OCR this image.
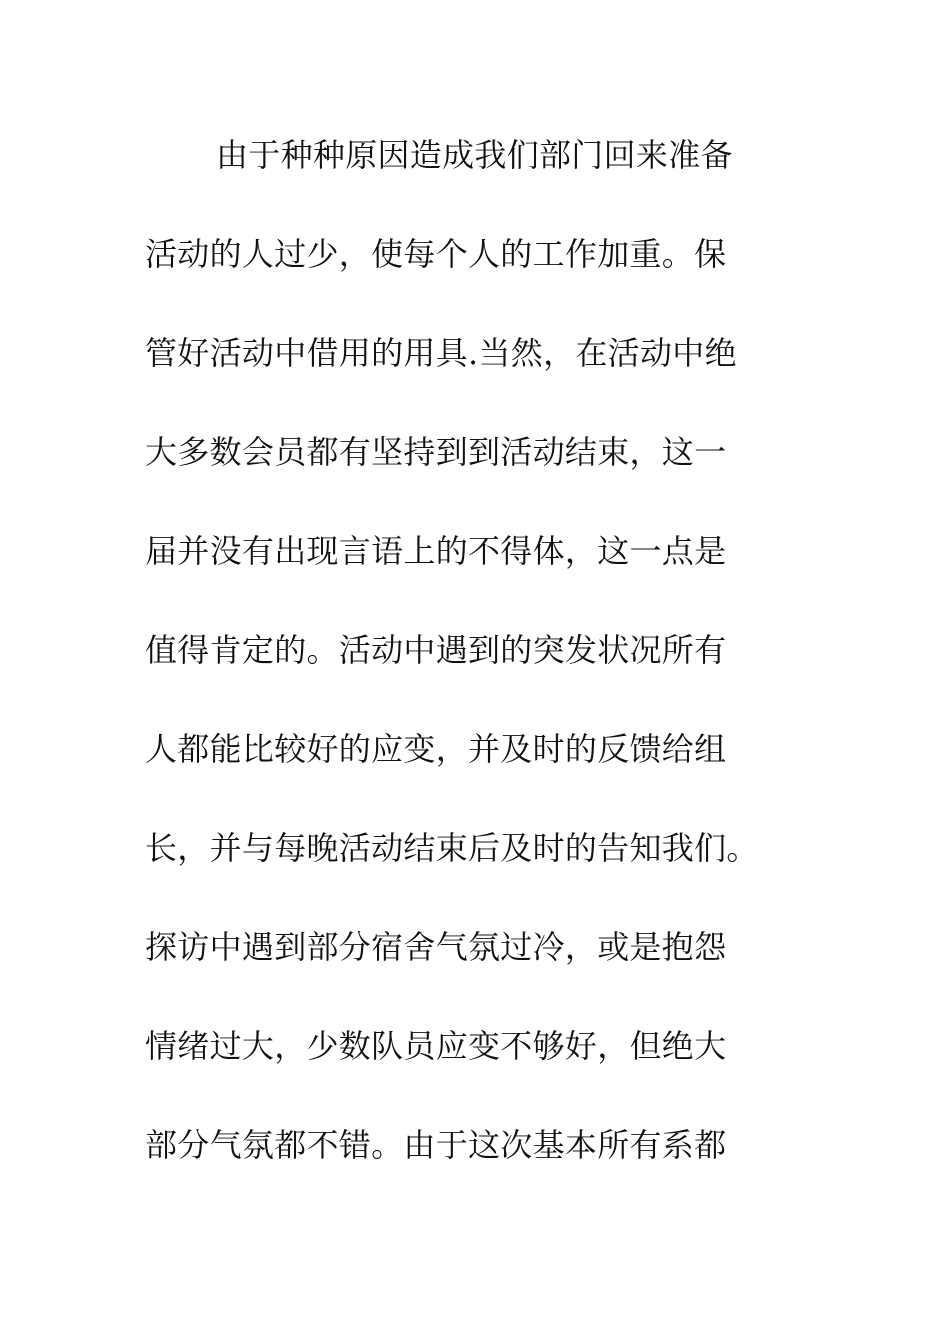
由于种种原因造成我们部门回来准备
活动的人过少，使每个人的工作加重。保
管好活动中借用的用具.当然，在活动中绝
大多数会员都有坚持到到活动结束，这一
届并没有出现言语上的不得体，这一点是
值得肯定的。活动中遇到的突发状况所有
人都能比较好的应变，并及时的反馈给组
长，并与每晚活动结束后及时的告知我们。
探访中遇到部分宿舍气氛过冷，或是抱怨
情绪过大，少数队员应变不够好，但绝大
部分气氛都不错。由于这次基本所有系都
